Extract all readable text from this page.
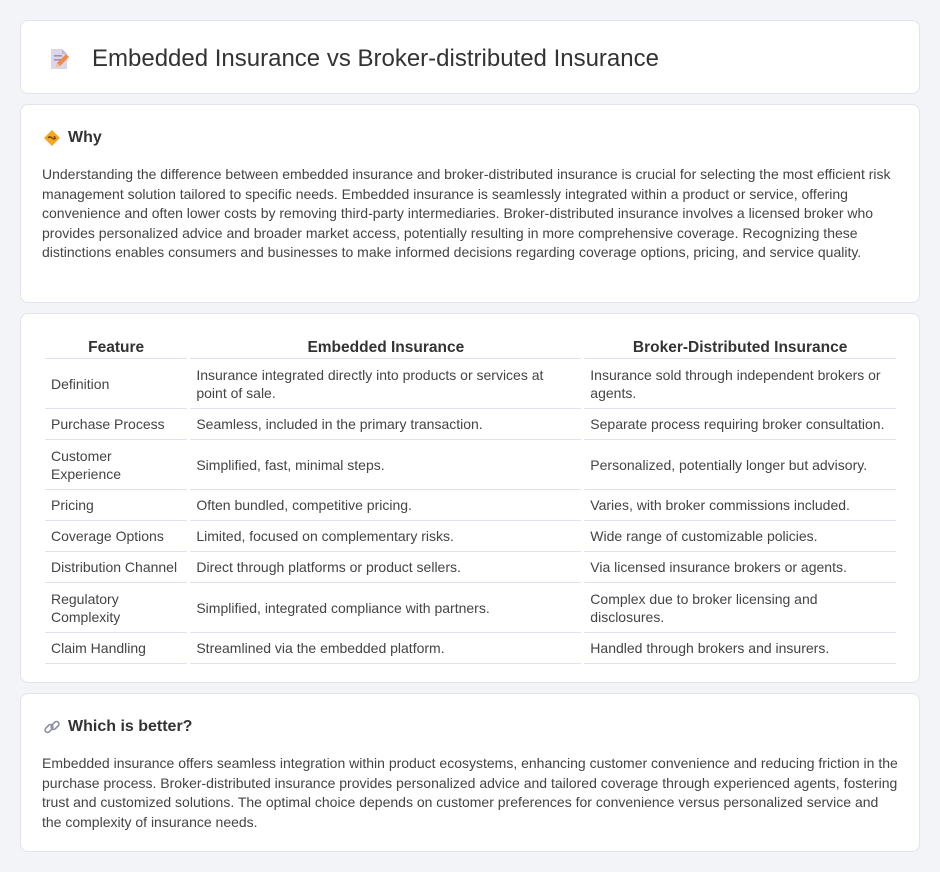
Embedded Insurance vs Broker-distributed Insurance
Why

Understanding the difference between embedded insurance and broker-distributed insurance is crucial for selecting the most efficient risk management solution tailored to specific needs. Embedded insurance is seamlessly integrated within a product or service, offering convenience and often lower costs by removing third-party intermediaries. Broker-distributed insurance involves a licensed broker who provides personalized advice and broader market access, potentially resulting in more comprehensive coverage. Recognizing these distinctions enables consumers and businesses to make informed decisions regarding coverage options, pricing, and service quality.

Feature	Embedded Insurance	Broker-Distributed Insurance
Definition	Insurance integrated directly into products or services at point of sale.	Insurance sold through independent brokers or agents.
Purchase Process	Seamless, included in the primary transaction.	Separate process requiring broker consultation.
Customer Experience	Simplified, fast, minimal steps.	Personalized, potentially longer but advisory.
Pricing	Often bundled, competitive pricing.	Varies, with broker commissions included.
Coverage Options	Limited, focused on complementary risks.	Wide range of customizable policies.
Distribution Channel	Direct through platforms or product sellers.	Via licensed insurance brokers or agents.
Regulatory Complexity	Simplified, integrated compliance with partners.	Complex due to broker licensing and disclosures.
Claim Handling	Streamlined via the embedded platform.	Handled through brokers and insurers.
Which is better?

Embedded insurance offers seamless integration within product ecosystems, enhancing customer convenience and reducing friction in the purchase process. Broker-distributed insurance provides personalized advice and tailored coverage through experienced agents, fostering trust and customized solutions. The optimal choice depends on customer preferences for convenience versus personalized service and the complexity of insurance needs.
